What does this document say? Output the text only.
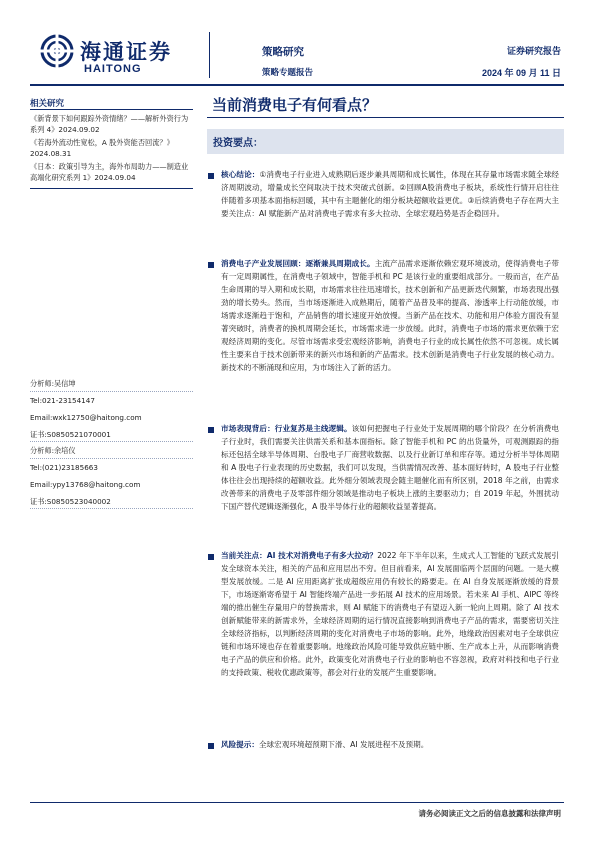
海通证券
HAITONG
策略研究
策略专题报告
证券研究报告
2024 年 09 月 11 日
相关研究
《新背景下如何跟踪外资情绪？——解析外资行为系列 4》2024.09.02
《若海外流动性宽松，A 股外资能否回流？》2024.08.31
《日本：政策引导为主，海外布局助力——制造业高端化研究系列 1》2024.09.04
分析师:吴信坤
Tel:021-23154147
Email:wxk12750@haitong.com
证书:S0850521070001
分析师:余培仪
Tel:(021)23185663
Email:ypy13768@haitong.com
证书:S0850523040002
当前消费电子有何看点？
投资要点：
核心结论：①消费电子行业进入成熟期后逐步兼具周期和成长属性，体现在其存量市场需求随全球经济周期波动，增量成长空间取决于技术突破式创新。②回顾A股消费电子板块，系统性行情开启往往伴随着多项基本面指标回暖，其中有主题催化的细分板块超额收益更优。③后续消费电子存在两大主要关注点：AI 赋能新产品对消费电子需求有多大拉动、全球宏观趋势是否企稳回升。
消费电子产业发展回顾：逐渐兼具周期成长。主流产品需求逐渐依赖宏观环境波动，使得消费电子带有一定周期属性，在消费电子领域中，智能手机和 PC 是该行业的重要组成部分。一般而言，在产品生命周期的导入期和成长期，市场需求往往迅速增长，技术创新和产品更新迭代频繁，市场表现出强劲的增长势头。然而，当市场逐渐进入成熟期后，随着产品普及率的提高、渗透率上行动能放缓，市场需求逐渐趋于饱和，产品销售的增长速度开始放慢。当新产品在技术、功能和用户体验方面没有显著突破时，消费者的换机周期会延长，市场需求进一步放缓。此时，消费电子市场的需求更依赖于宏观经济周期的变化。尽管市场需求受宏观经济影响，消费电子行业的成长属性依然不可忽视。成长属性主要来自于技术创新带来的新兴市场和新的产品需求。技术创新是消费电子行业发展的核心动力。新技术的不断涌现和应用，为市场注入了新的活力。
市场表现背后：行业复苏是主线逻辑。该如何把握电子行业处于发展周期的哪个阶段？在分析消费电子行业时，我们需要关注供需关系和基本面指标。除了智能手机和 PC 的出货量外，可观测跟踪的指标还包括全球半导体周期、台股电子厂商营收数据、以及行业新订单和库存等。通过分析半导体周期和 A 股电子行业表现的历史数据，我们可以发现，当供需情况改善、基本面好转时，A 股电子行业整体往往会出现持续的超额收益。此外细分领域表现会随主题催化而有所区别，2018 年之前，由需求改善带来的消费电子及零部件细分领域是推动电子板块上涨的主要驱动力；自 2019 年起，外围扰动下国产替代逻辑逐渐强化，A 股半导体行业的超额收益显著提高。
当前关注点：AI 技术对消费电子有多大拉动？2022 年下半年以来，生成式人工智能的飞跃式发展引发全球资本关注，相关的产品和应用层出不穷。但目前看来，AI 发展面临两个层面的问题。一是大模型发展放缓。二是 AI 应用距离扩张成超级应用仍有较长的路要走。在 AI 自身发展逐渐放缓的背景下，市场逐渐寄希望于 AI 智能终端产品进一步拓展 AI 技术的应用场景。若未来 AI 手机、AIPC 等终端的推出催生存量用户的替换需求，则 AI 赋能下的消费电子有望迈入新一轮向上周期。除了 AI 技术创新赋能带来的新需求外，全球经济周期的运行情况直接影响到消费电子产品的需求，需要密切关注全球经济指标，以判断经济周期的变化对消费电子市场的影响。此外，地缘政治因素对电子全球供应链和市场环境也存在着重要影响。地缘政治风险可能导致供应链中断、生产成本上升，从而影响消费电子产品的供应和价格。此外，政策变化对消费电子行业的影响也不容忽视，政府对科技和电子行业的支持政策、税收优惠政策等，都会对行业的发展产生重要影响。
风险提示：全球宏观环境超预期下滑、AI 发展进程不及预期。
请务必阅读正文之后的信息披露和法律声明
